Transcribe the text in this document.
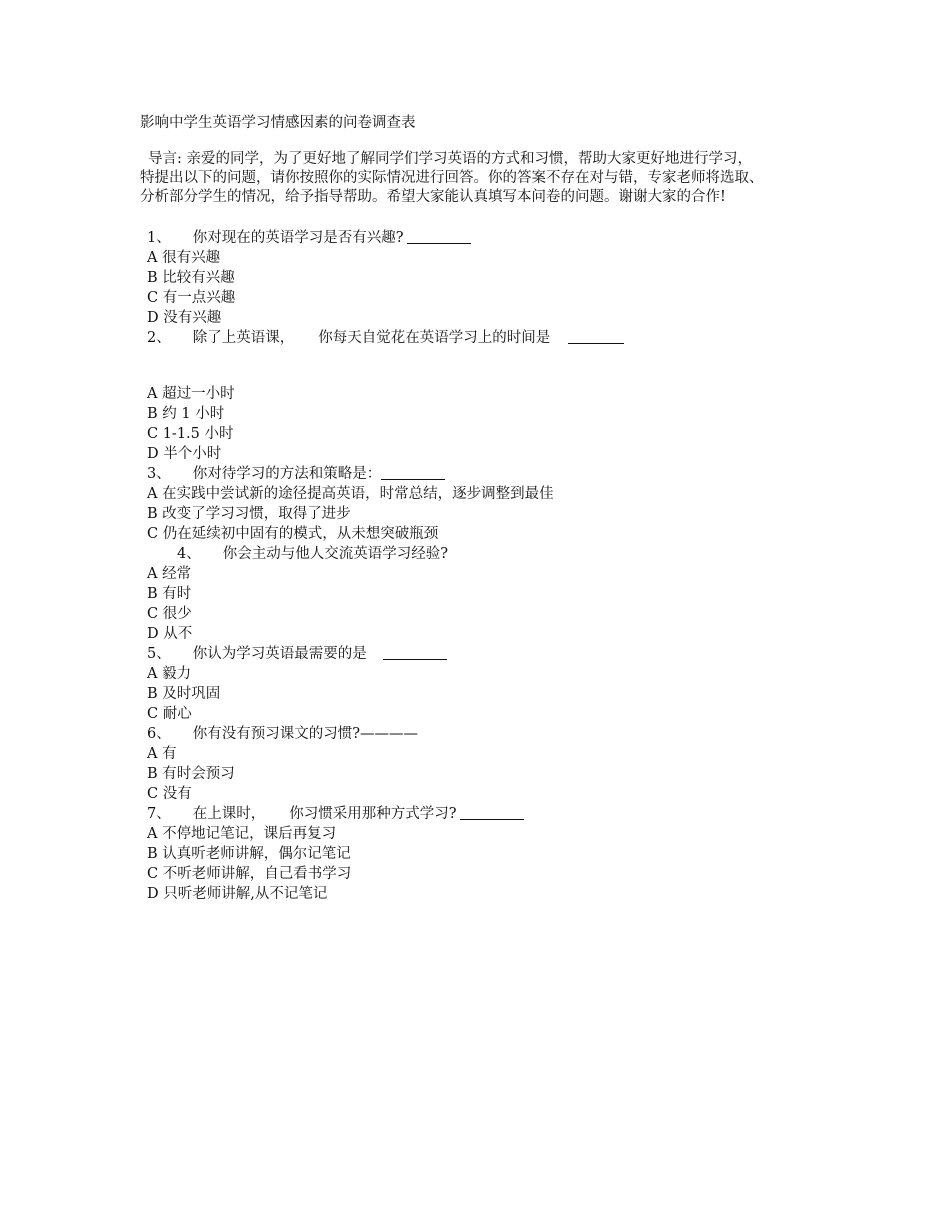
影响中学生英语学习情感因素的问卷调查表

导言: 亲爱的同学，为了更好地了解同学们学习英语的方式和习惯，帮助大家更好地进行学习，

特提出以下的问题，请你按照你的实际情况进行回答。你的答案不存在对与错，专家老师将选取、

分析部分学生的情况，给予指导帮助。希望大家能认真填写本问卷的问题。谢谢大家的合作!

1、 你对现在的英语学习是否有兴趣?
A 很有兴趣
B 比较有兴趣
C 有一点兴趣
D 没有兴趣
2、 除了上英语课， 你每天自觉花在英语学习上的时间是
A 超过一小时
B 约 1 小时
C 1-1.5 小时
D 半个小时
3、 你对待学习的方法和策略是：
A 在实践中尝试新的途径提高英语，时常总结，逐步调整到最佳
B 改变了学习习惯，取得了进步
C 仍在延续初中固有的模式，从未想突破瓶颈
4、 你会主动与他人交流英语学习经验?
A 经常
B 有时
C 很少
D 从不
5、 你认为学习英语最需要的是
A 毅力
B 及时巩固
C 耐心
6、 你有没有预习课文的习惯?————
A 有
B 有时会预习
C 没有
7、 在上课时， 你习惯采用那种方式学习?
A 不停地记笔记，课后再复习
B 认真听老师讲解，偶尔记笔记
C 不听老师讲解，自己看书学习
D 只听老师讲解,从不记笔记
